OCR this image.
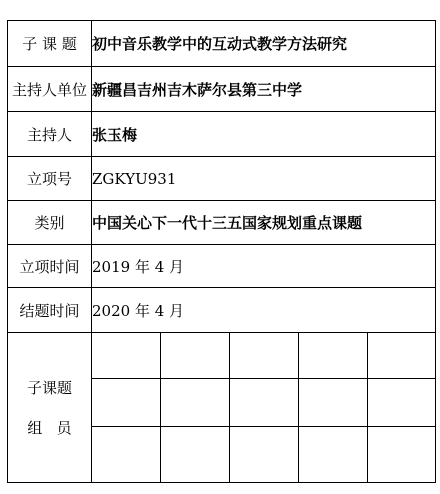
子 课 题	初中音乐教学中的互动式教学方法研究				
主持人单位	新疆昌吉州吉木萨尔县第三中学				
主持人	张玉梅				
立项号	ZGKYU931				
类别	中国关心下一代十三五国家规划重点课题				
立项时间	2019 年 4 月				
结题时间	2020 年 4 月				

子课题
组   员					
